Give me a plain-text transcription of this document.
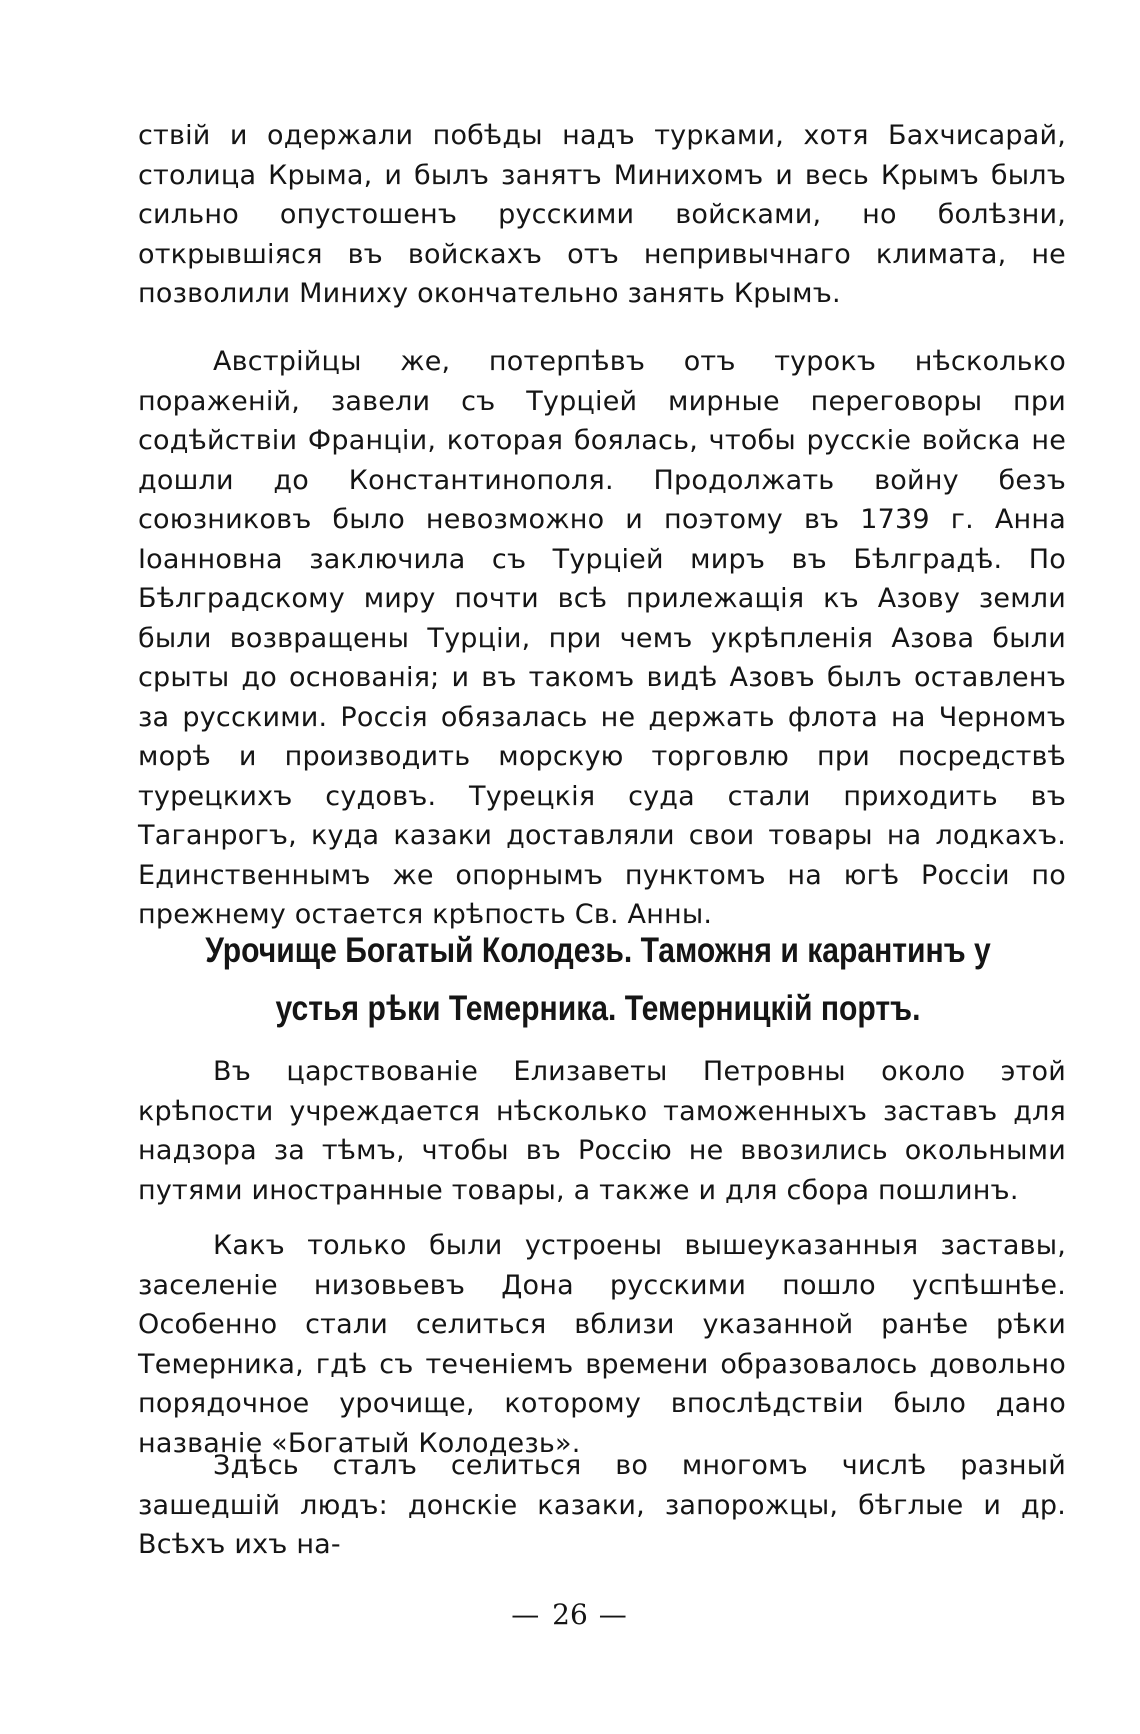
ствій и одержали побѣды надъ турками, хотя Бахчисарай, столица Крыма, и былъ занятъ Минихомъ и весь Крымъ былъ сильно опустошенъ русскими войсками, но болѣзни, открывшіяся въ войскахъ отъ непривычнаго климата, не позволили Миниху окончательно занять Крымъ.

Австрійцы же, потерпѣвъ отъ турокъ нѣсколько пораженій, завели съ Турціей мирные переговоры при содѣйствіи Франціи, которая боялась, чтобы русскіе войска не дошли до Константинополя. Продолжать войну безъ союзниковъ было невозможно и поэтому въ 1739 г. Анна Іоанновна заключила съ Турціей миръ въ Бѣлградѣ. По Бѣлградскому миру почти всѣ прилежащія къ Азову земли были возвращены Турціи, при чемъ укрѣпленія Азова были срыты до основанія; и въ такомъ видѣ Азовъ былъ оставленъ за русскими. Россія обязалась не держать флота на Черномъ морѣ и производить морскую торговлю при посредствѣ турецкихъ судовъ. Турецкія суда стали приходить въ Таганрогъ, куда казаки доставляли свои товары на лодкахъ. Единственнымъ же опорнымъ пунктомъ на югѣ Россіи по прежнему остается крѣпость Св. Анны.

Урочище Богатый Колодезь. Таможня и карантинъ у устья рѣки Темерника. Темерницкій портъ.

Въ царствованіе Елизаветы Петровны около этой крѣпости учреждается нѣсколько таможенныхъ заставъ для надзора за тѣмъ, чтобы въ Россію не ввозились окольными путями иностранные товары, а также и для сбора пошлинъ.

Какъ только были устроены вышеуказанныя заставы, заселеніе низовьевъ Дона русскими пошло успѣшнѣе. Особенно стали селиться вблизи указанной ранѣе рѣки Темерника, гдѣ съ теченіемъ времени образовалось довольно порядочное урочище, которому впослѣдствіи было дано названіе «Богатый Колодезь».

Здѣсь сталъ селиться во многомъ числѣ разный зашедшій людъ: донскіе казаки, запорожцы, бѣглые и др. Всѣхъ ихъ на-

— 26 —
